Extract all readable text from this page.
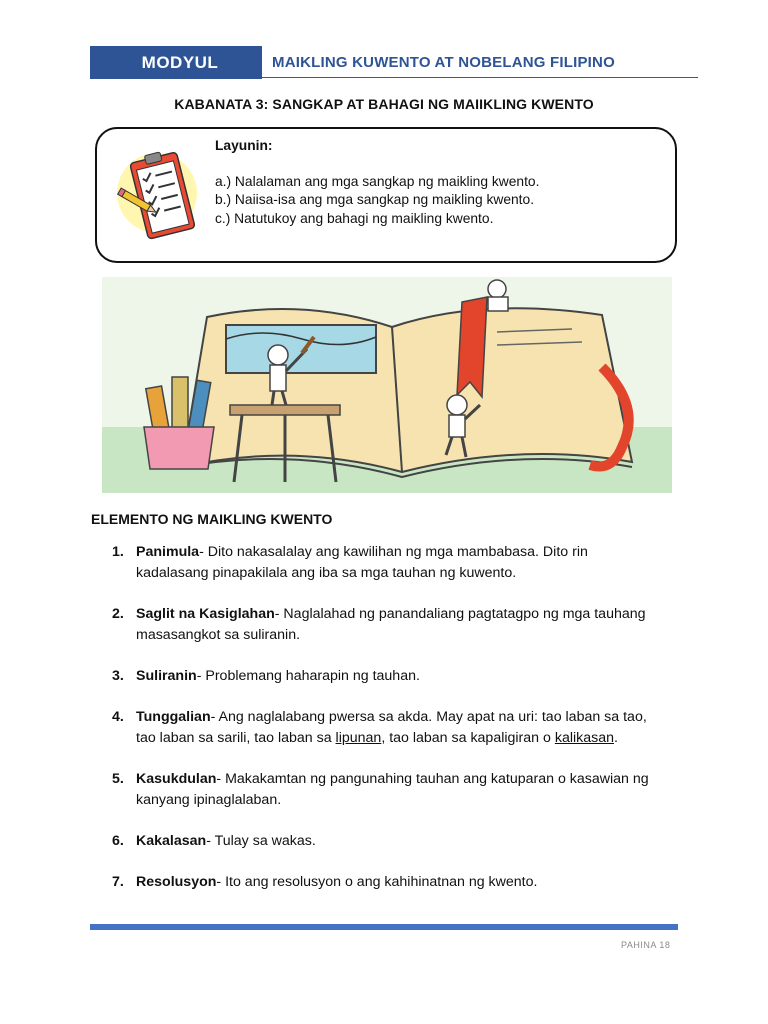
MODYUL	MAIKLING KUWENTO AT NOBELANG FILIPINO
KABANATA 3: SANGKAP AT BAHAGI NG MAIIKLING KWENTO
Layunin:
a.) Nalalaman ang mga sangkap ng maikling kwento.
b.) Naiisa-isa ang mga sangkap ng maikling kwento.
c.) Natutukoy ang bahagi ng maikling kwento.
ELEMENTO NG MAIKLING KWENTO
1. Panimula- Dito nakasalalay ang kawilihan ng mga mambabasa. Dito rin
kadalasang pinapakilala ang iba sa mga tauhan ng kuwento.
2. Saglit na Kasiglahan- Naglalahad ng panandaliang pagtatagpo ng mga tauhang
masasangkot sa suliranin.
3. Suliranin- Problemang haharapin ng tauhan.
4. Tunggalian- Ang naglalabang pwersa sa akda. May apat na uri: tao laban sa tao,
tao laban sa sarili, tao laban sa lipunan, tao laban sa kapaligiran o kalikasan.
5. Kasukdulan- Makakamtan ng pangunahing tauhan ang katuparan o kasawian ng
kanyang ipinaglalaban.
6. Kakalasan- Tulay sa wakas.
7. Resolusyon- Ito ang resolusyon o ang kahihinatnan ng kwento.
PAHINA 18
